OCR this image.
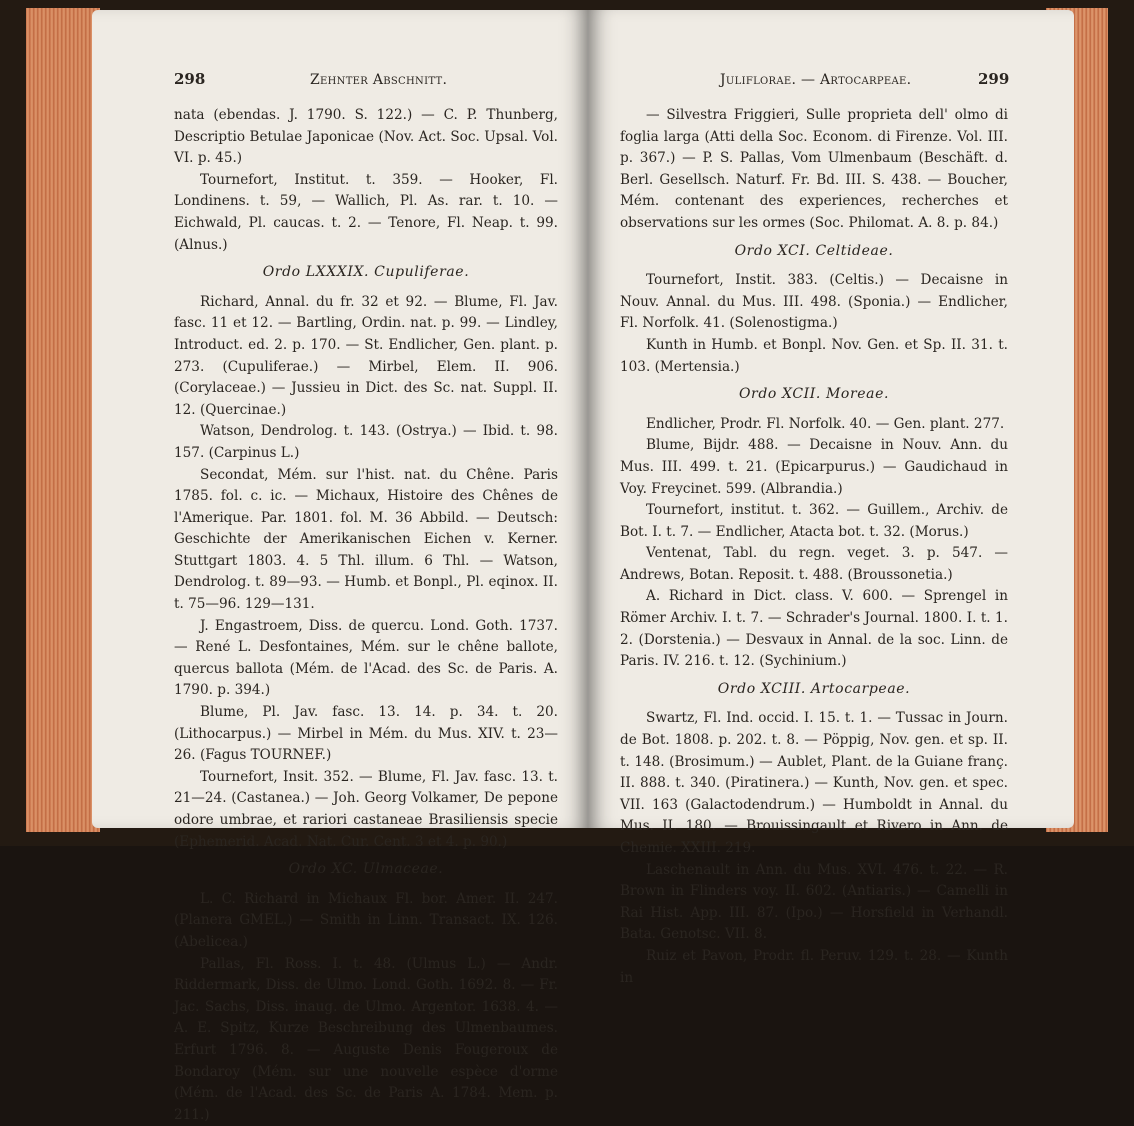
298	Zehnter Abschnitt.

nata (ebendas. J. 1790. S. 122.) — C. P. Thunberg, Descriptio Betulae Japonicae (Nov. Act. Soc. Upsal. Vol. VI. p. 45.)

Tournefort, Institut. t. 359. — Hooker, Fl. Londinens. t. 59, — Wallich, Pl. As. rar. t. 10. — Eichwald, Pl. caucas. t. 2. — Tenore, Fl. Neap. t. 99. (Alnus.)

Ordo LXXXIX. Cupuliferae.

Richard, Annal. du fr. 32 et 92. — Blume, Fl. Jav. fasc. 11 et 12. — Bartling, Ordin. nat. p. 99. — Lindley, Introduct. ed. 2. p. 170. — St. Endlicher, Gen. plant. p. 273. (Cupuliferae.) — Mirbel, Elem. II. 906. (Corylaceae.) — Jussieu in Dict. des Sc. nat. Suppl. II. 12. (Quercinae.)

Watson, Dendrolog. t. 143. (Ostrya.) — Ibid. t. 98. 157. (Carpinus L.)

Secondat, Mém. sur l'hist. nat. du Chêne. Paris 1785. fol. c. ic. — Michaux, Histoire des Chênes de l'Amerique. Par. 1801. fol. M. 36 Abbild. — Deutsch: Geschichte der Amerikanischen Eichen v. Kerner. Stuttgart 1803. 4. 5 Thl. illum. 6 Thl. — Watson, Dendrolog. t. 89—93. — Humb. et Bonpl., Pl. eqinox. II. t. 75—96. 129—131.

J. Engastroem, Diss. de quercu. Lond. Goth. 1737. — René L. Desfontaines, Mém. sur le chêne ballote, quercus ballota (Mém. de l'Acad. des Sc. de Paris. A. 1790. p. 394.)

Blume, Pl. Jav. fasc. 13. 14. p. 34. t. 20. (Lithocarpus.) — Mirbel in Mém. du Mus. XIV. t. 23—26. (Fagus TOURNEF.)

Tournefort, Insit. 352. — Blume, Fl. Jav. fasc. 13. t. 21—24. (Castanea.) — Joh. Georg Volkamer, De pepone odore umbrae, et rariori castaneae Brasiliensis specie (Ephemerid. Acad. Nat. Cur. Cent. 3 et 4. p. 90.)

Ordo XC. Ulmaceae.

L. C. Richard in Michaux Fl. bor. Amer. II. 247. (Planera GMEL.) — Smith in Linn. Transact. IX. 126. (Abelicea.)

Pallas, Fl. Ross. I. t. 48. (Ulmus L.) — Andr. Riddermark, Diss. de Ulmo. Lond. Goth. 1692. 8. — Fr. Jac. Sachs, Diss. inaug. de Ulmo. Argentor. 1638. 4. — A. E. Spitz, Kurze Beschreibung des Ulmenbaumes. Erfurt 1796. 8. — Auguste Denis Fougeroux de Bondaroy (Mém. sur une nouvelle espèce d'orme (Mém. de l'Acad. des Sc. de Paris A. 1784. Mem. p. 211.)

Juliflorae. — Artocarpeae.	299

— Silvestra Friggieri, Sulle proprieta dell' olmo di foglia larga (Atti della Soc. Econom. di Firenze. Vol. III. p. 367.) — P. S. Pallas, Vom Ulmenbaum (Beschäft. d. Berl. Gesellsch. Naturf. Fr. Bd. III. S. 438. — Boucher, Mém. contenant des experiences, recherches et observations sur les ormes (Soc. Philomat. A. 8. p. 84.)

Ordo XCI. Celtideae.

Tournefort, Instit. 383. (Celtis.) — Decaisne in Nouv. Annal. du Mus. III. 498. (Sponia.) — Endlicher, Fl. Norfolk. 41. (Solenostigma.)

Kunth in Humb. et Bonpl. Nov. Gen. et Sp. II. 31. t. 103. (Mertensia.)

Ordo XCII. Moreae.

Endlicher, Prodr. Fl. Norfolk. 40. — Gen. plant. 277.

Blume, Bijdr. 488. — Decaisne in Nouv. Ann. du Mus. III. 499. t. 21. (Epicarpurus.) — Gaudichaud in Voy. Freycinet. 599. (Albrandia.)

Tournefort, institut. t. 362. — Guillem., Archiv. de Bot. I. t. 7. — Endlicher, Atacta bot. t. 32. (Morus.)

Ventenat, Tabl. du regn. veget. 3. p. 547. — Andrews, Botan. Reposit. t. 488. (Broussonetia.)

A. Richard in Dict. class. V. 600. — Sprengel in Römer Archiv. I. t. 7. — Schrader's Journal. 1800. I. t. 1. 2. (Dorstenia.) — Desvaux in Annal. de la soc. Linn. de Paris. IV. 216. t. 12. (Sychinium.)

Ordo XCIII. Artocarpeae.

Swartz, Fl. Ind. occid. I. 15. t. 1. — Tussac in Journ. de Bot. 1808. p. 202. t. 8. — Pöppig, Nov. gen. et sp. II. t. 148. (Brosimum.) — Aublet, Plant. de la Guiane franç. II. 888. t. 340. (Piratinera.) — Kunth, Nov. gen. et spec. VII. 163 (Galactodendrum.) — Humboldt in Annal. du Mus. II. 180. — Brouissingault et Rivero in Ann. de Chemie. XXIII. 219.

Laschenault in Ann. du Mus. XVI. 476. t. 22. — R. Brown in Flinders voy. II. 602. (Antiaris.) — Camelli in Rai Hist. App. III. 87. (Ipo.) — Horsfield in Verhandl. Bata. Genotsc. VII. 8.

Ruiz et Pavon, Prodr. fl. Peruv. 129. t. 28. — Kunth in
